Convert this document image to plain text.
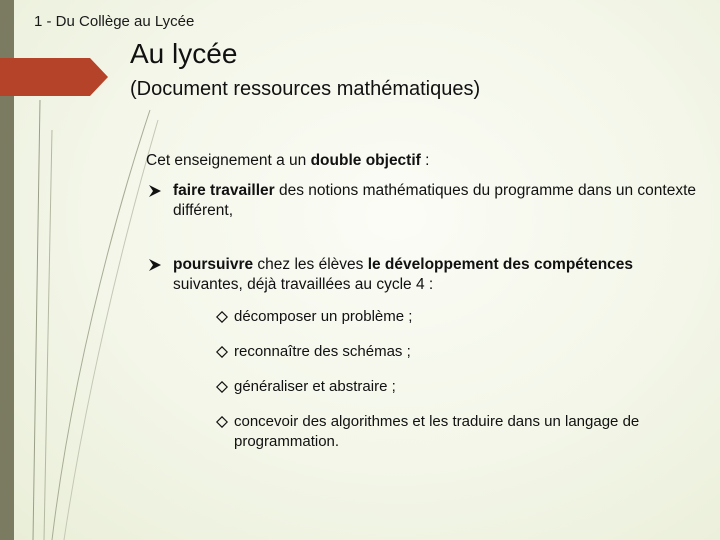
1 - Du Collège au Lycée
Au lycée
(Document ressources mathématiques)

Cet enseignement a un double objectif :

faire travailler des notions mathématiques du programme dans un contexte différent,

poursuivre chez les élèves le développement des compétences suivantes, déjà travaillées au cycle 4 :

décomposer un problème ;
reconnaître des schémas ;
généraliser et abstraire ;
concevoir des algorithmes et les traduire dans un langage de programmation.
